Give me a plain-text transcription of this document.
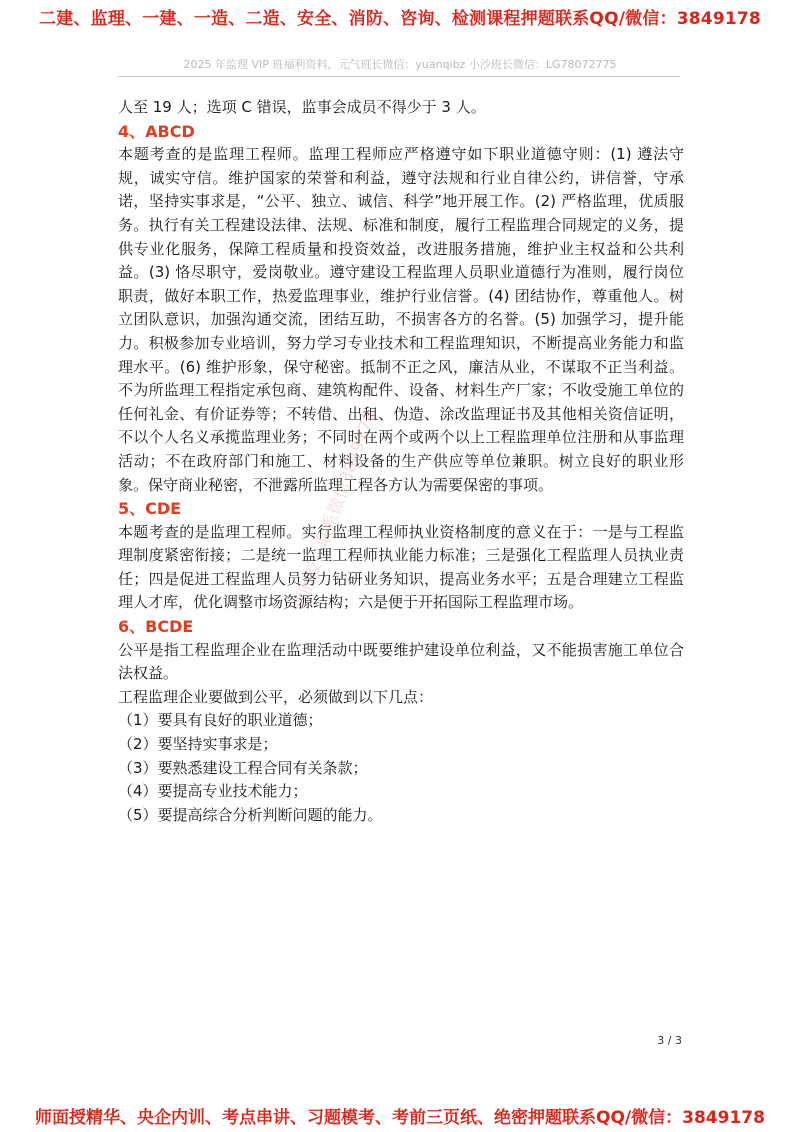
二建、监理、一建、一造、二造、安全、消防、咨询、检测课程押题联系QQ/微信：3849178
2025 年监理 VIP 班福利资料，元气班长微信：yuanqibz 小沙班长微信：LG78072775

人至 19 人；选项 C 错误，监事会成员不得少于 3 人。

4、ABCD

本题考查的是监理工程师。监理工程师应严格遵守如下职业道德守则：(1) 遵法守规，诚实守信。维护国家的荣誉和利益，遵守法规和行业自律公约，讲信誉，守承诺，坚持实事求是，“公平、独立、诚信、科学”地开展工作。(2) 严格监理，优质服务。执行有关工程建设法律、法规、标准和制度，履行工程监理合同规定的义务，提供专业化服务，保障工程质量和投资效益，改进服务措施，维护业主权益和公共利益。(3) 恪尽职守，爱岗敬业。遵守建设工程监理人员职业道德行为准则，履行岗位职责，做好本职工作，热爱监理事业，维护行业信誉。(4) 团结协作，尊重他人。树立团队意识，加强沟通交流，团结互助，不损害各方的名誉。(5) 加强学习，提升能力。积极参加专业培训，努力学习专业技术和工程监理知识，不断提高业务能力和监理水平。(6) 维护形象，保守秘密。抵制不正之风，廉洁从业，不谋取不正当利益。不为所监理工程指定承包商、建筑构配件、设备、材料生产厂家；不收受施工单位的任何礼金、有价证券等；不转借、出租、伪造、涂改监理证书及其他相关资信证明，不以个人名义承揽监理业务；不同时在两个或两个以上工程监理单位注册和从事监理活动；不在政府部门和施工、材料设备的生产供应等单位兼职。树立良好的职业形象。保守商业秘密，不泄露所监理工程各方认为需要保密的事项。

5、CDE

本题考查的是监理工程师。实行监理工程师执业资格制度的意义在于：一是与工程监理制度紧密衔接；二是统一监理工程师执业能力标准；三是强化工程监理人员执业责任；四是促进工程监理人员努力钻研业务知识，提高业务水平；五是合理建立工程监理人才库，优化调整市场资源结构；六是便于开拓国际工程监理市场。

6、BCDE

公平是指工程监理企业在监理活动中既要维护建设单位利益，又不能损害施工单位合法权益。

工程监理企业要做到公平，必须做到以下几点：

（1）要具有良好的职业道德；

（2）要坚持实事求是；

（3）要熟悉建设工程合同有关条款；

（4）要提高专业技术能力；

（5）要提高综合分析判断问题的能力。

师面授—联系微信3849178
3 / 3
师面授精华、央企内训、考点串讲、习题模考、考前三页纸、绝密押题联系QQ/微信：3849178
